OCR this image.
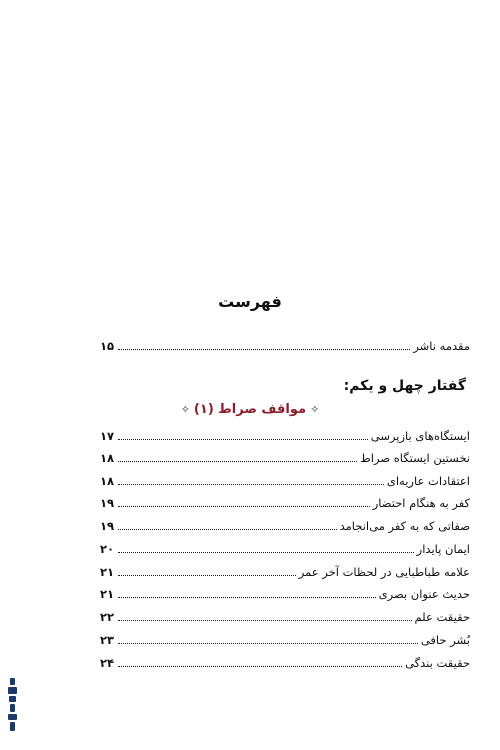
فهرست
مقدمه ناشر
۱۵
گفتار چهل و یکم:
✧مواقف صراط (۱)✧
ایستگاه‌های بازپرسی
۱۷
نخستین ایستگاه صراط
۱۸
اعتقادات عاریه‌ای
۱۸
کفر به هنگام احتضار
۱۹
صفاتی که به کفر می‌انجامد
۱۹
ایمان پایدار
۲۰
علامه طباطبایی در لحظات آخر عمر
۲۱
حدیث عنوان بصری
۲۱
حقیقت علم
۲۲
بُشر حافی
۲۳
حقیقت بندگی
۲۴
